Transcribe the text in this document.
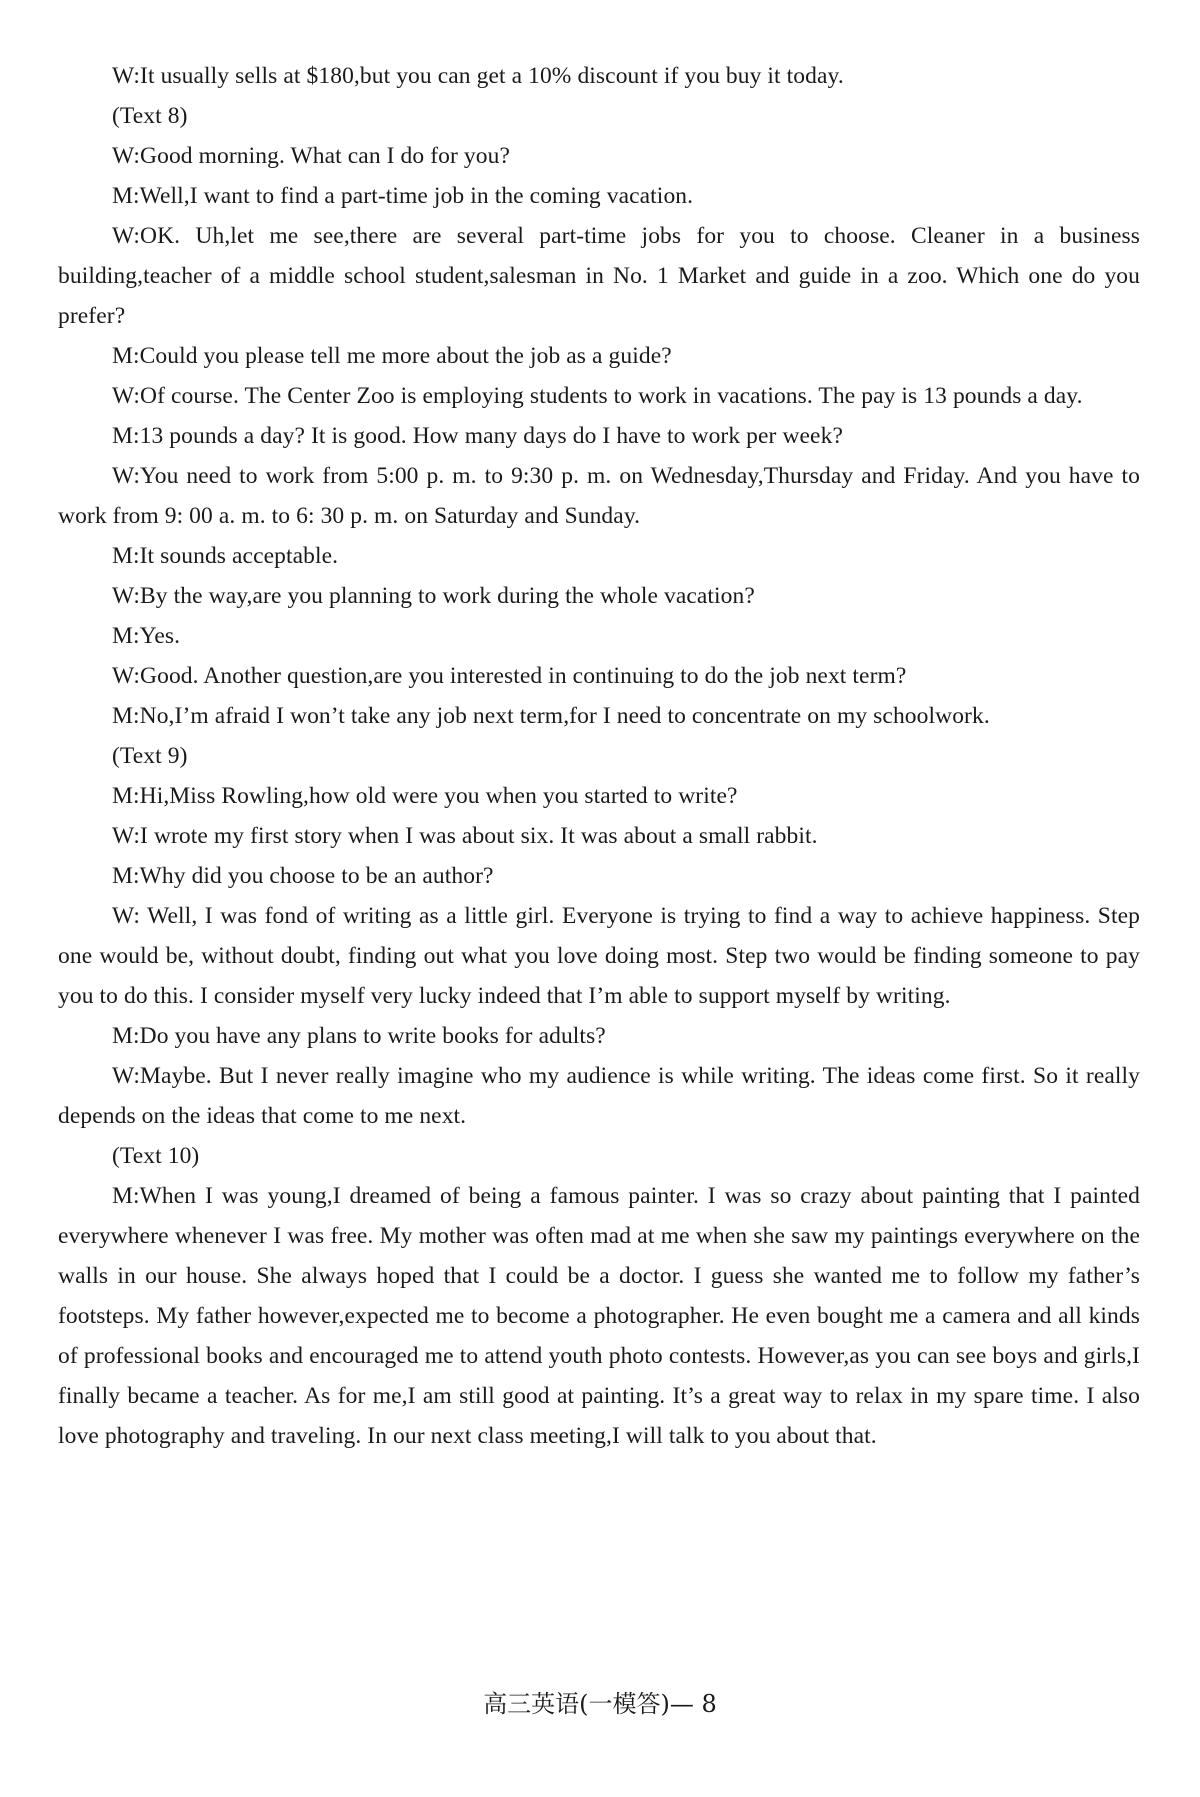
W:It usually sells at $180,but you can get a 10% discount if you buy it today.

(Text 8)

W:Good morning. What can I do for you?

M:Well,I want to find a part-time job in the coming vacation.

W:OK. Uh,let me see,there are several part-time jobs for you to choose. Cleaner in a business building,teacher of a middle school student,salesman in No. 1 Market and guide in a zoo. Which one do you prefer?

M:Could you please tell me more about the job as a guide?

W:Of course. The Center Zoo is employing students to work in vacations. The pay is 13 pounds a day.

M:13 pounds a day? It is good. How many days do I have to work per week?

W:You need to work from 5:00 p. m. to 9:30 p. m. on Wednesday,Thursday and Friday. And you have to work from 9: 00 a. m. to 6: 30 p. m. on Saturday and Sunday.

M:It sounds acceptable.

W:By the way,are you planning to work during the whole vacation?

M:Yes.

W:Good. Another question,are you interested in continuing to do the job next term?

M:No,I’m afraid I won’t take any job next term,for I need to concentrate on my schoolwork.

(Text 9)

M:Hi,Miss Rowling,how old were you when you started to write?

W:I wrote my first story when I was about six. It was about a small rabbit.

M:Why did you choose to be an author?

W: Well, I was fond of writing as a little girl. Everyone is trying to find a way to achieve happiness. Step one would be, without doubt, finding out what you love doing most. Step two would be finding someone to pay you to do this. I consider myself very lucky indeed that I’m able to support myself by writing.

M:Do you have any plans to write books for adults?

W:Maybe. But I never really imagine who my audience is while writing. The ideas come first. So it really depends on the ideas that come to me next.

(Text 10)

M:When I was young,I dreamed of being a famous painter. I was so crazy about painting that I painted everywhere whenever I was free. My mother was often mad at me when she saw my paintings everywhere on the walls in our house. She always hoped that I could be a doctor. I guess she wanted me to follow my father’s footsteps. My father however,expected me to become a photographer. He even bought me a camera and all kinds of professional books and encouraged me to attend youth photo contests. However,as you can see boys and girls,I finally became a teacher. As for me,I am still good at painting. It’s a great way to relax in my spare time. I also love photography and traveling. In our next class meeting,I will talk to you about that.

高三英语(一模答)— 8
